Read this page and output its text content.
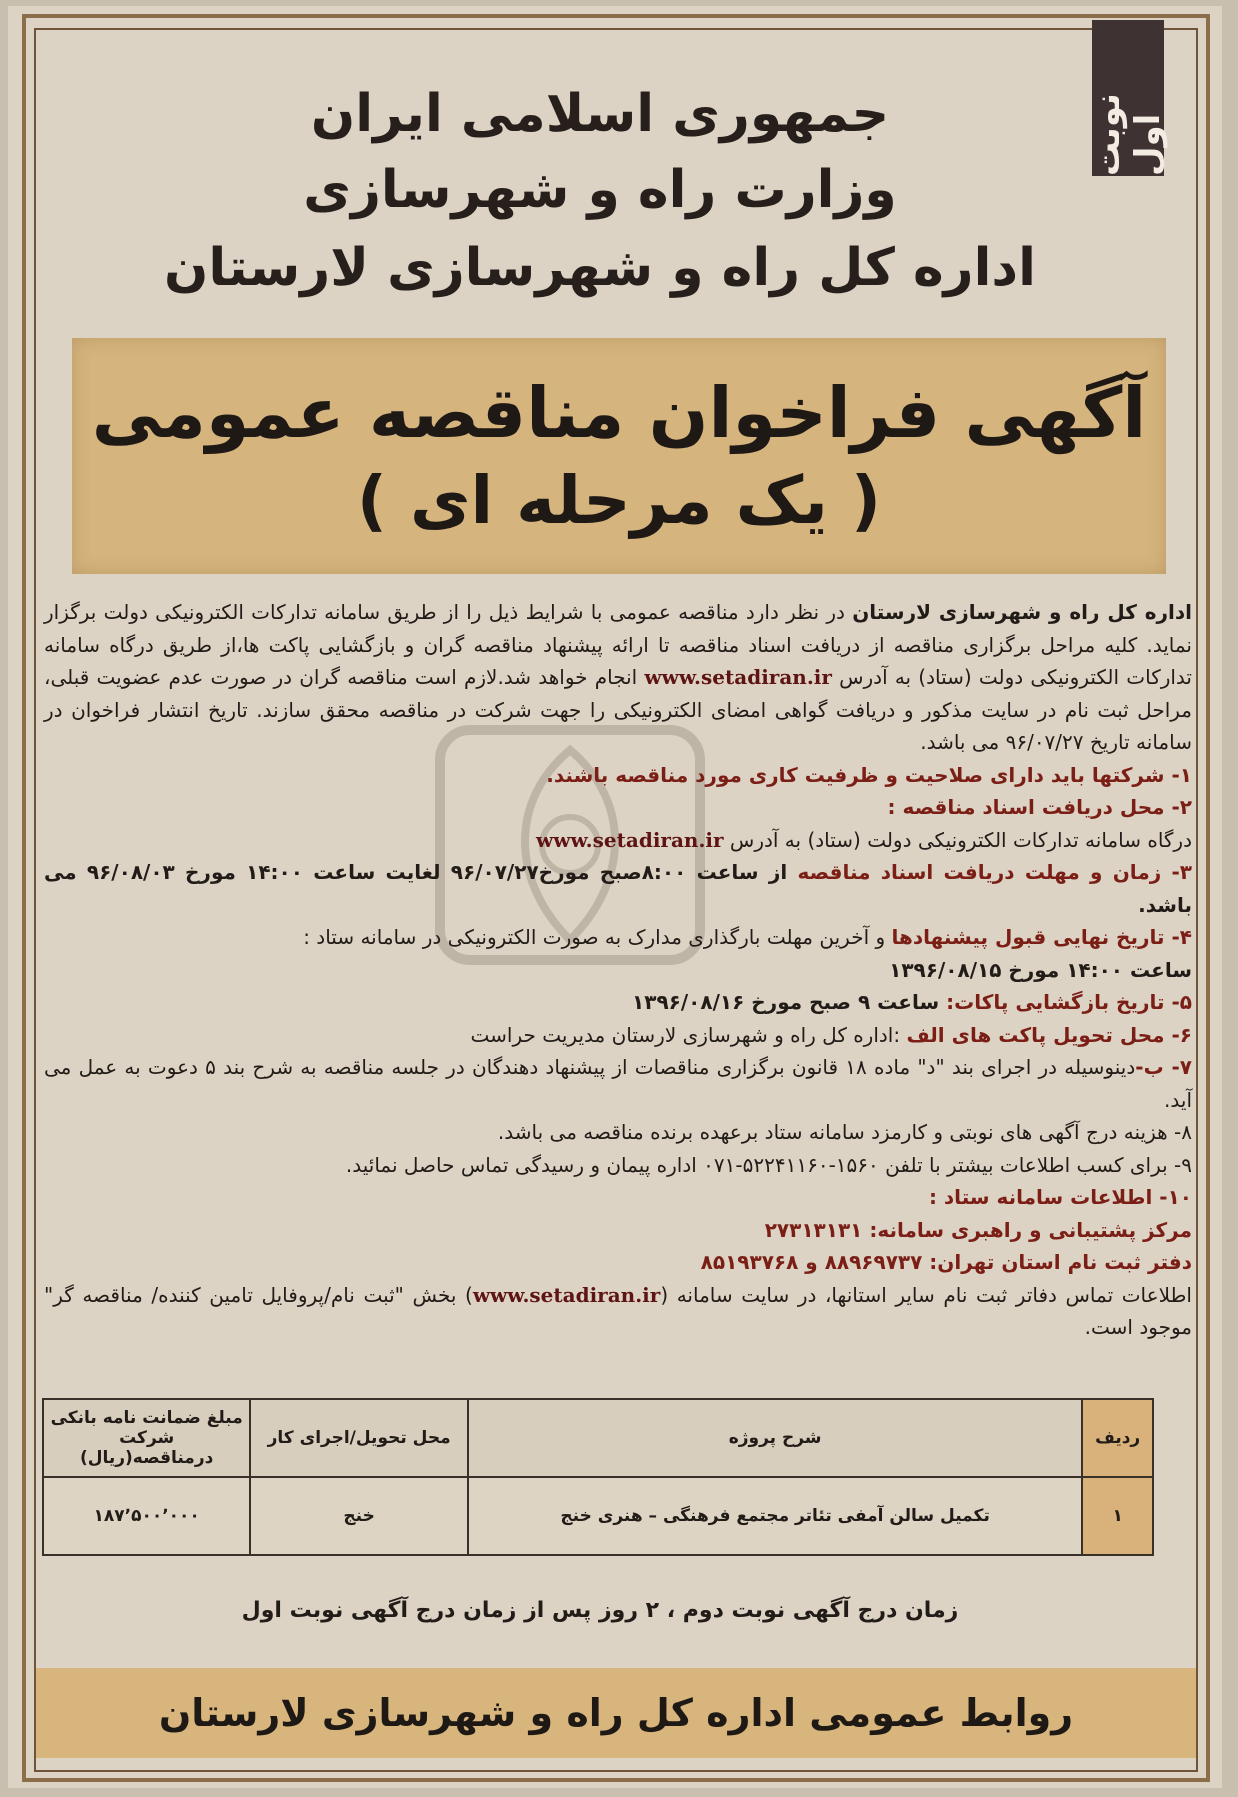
نوبت اول
جمهوری اسلامی ایران
وزارت راه و شهرسازی
اداره کل راه و شهرسازی لارستان
آگهی فراخوان مناقصه عمومی
( یک مرحله ای )

اداره کل راه و شهرسازی لارستان در نظر دارد مناقصه عمومی با شرایط ذیل را از طریق سامانه تدارکات الکترونیکی دولت برگزار نماید. کلیه مراحل برگزاری مناقصه از دریافت اسناد مناقصه تا ارائه پیشنهاد مناقصه گران و بازگشایی پاکت ها،از طریق درگاه سامانه تدارکات الکترونیکی دولت (ستاد) به آدرس www.setadiran.ir انجام خواهد شد.لازم است مناقصه گران در صورت عدم عضویت قبلی، مراحل ثبت نام در سایت مذکور و دریافت گواهی امضای الکترونیکی را جهت شرکت در مناقصه محقق سازند. تاریخ انتشار فراخوان در سامانه تاریخ ۹۶/۰۷/۲۷ می باشد.

۱- شرکتها باید دارای صلاحیت و ظرفیت کاری مورد مناقصه باشند.

۲- محل دریافت اسناد مناقصه :

درگاه سامانه تدارکات الکترونیکی دولت (ستاد) به آدرس www.setadiran.ir

۳- زمان و مهلت دریافت اسناد مناقصه از ساعت ۸:۰۰صبح مورخ۹۶/۰۷/۲۷ لغایت ساعت ۱۴:۰۰ مورخ ۹۶/۰۸/۰۳ می باشد.

۴- تاریخ نهایی قبول پیشنهادها و آخرین مهلت بارگذاری مدارک به صورت الکترونیکی در سامانه ستاد :

ساعت ۱۴:۰۰ مورخ ۱۳۹۶/۰۸/۱۵

۵- تاریخ بازگشایی پاکات: ساعت ۹ صبح مورخ ۱۳۹۶/۰۸/۱۶

۶- محل تحویل پاکت های الف :اداره کل راه و شهرسازی لارستان مدیریت حراست

۷- ب-دینوسیله در اجرای بند "د" ماده ۱۸ قانون برگزاری مناقصات از پیشنهاد دهندگان در جلسه مناقصه به شرح بند ۵ دعوت به عمل می آید.

۸- هزینه درج آگهی های نوبتی و کارمزد سامانه ستاد برعهده برنده مناقصه می باشد.

۹- برای کسب اطلاعات بیشتر با تلفن ۱۵۶۰-۵۲۲۴۱۱۶۰-۰۷۱ اداره پیمان و رسیدگی تماس حاصل نمائید.

۱۰- اطلاعات سامانه ستاد :

مرکز پشتیبانی و راهبری سامانه: ۲۷۳۱۳۱۳۱

دفتر ثبت نام استان تهران: ۸۸۹۶۹۷۳۷ و ۸۵۱۹۳۷۶۸

اطلاعات تماس دفاتر ثبت نام سایر استانها، در سایت سامانه (www.setadiran.ir) بخش "ثبت نام/پروفایل تامین کننده/ مناقصه گر" موجود است.

ردیف	شرح پروژه	محل تحویل/اجرای کار	مبلغ ضمانت نامه بانکی
شرکت درمناقصه(ریال)

۱	تکمیل سالن آمفی تئاتر مجتمع فرهنگی – هنری خنج	خنج	۱۸۷٬۵۰۰٬۰۰۰
زمان درج آگهی نوبت دوم ، ۲ روز پس از زمان درج آگهی نوبت اول
روابط عمومی اداره کل راه و شهرسازی لارستان
